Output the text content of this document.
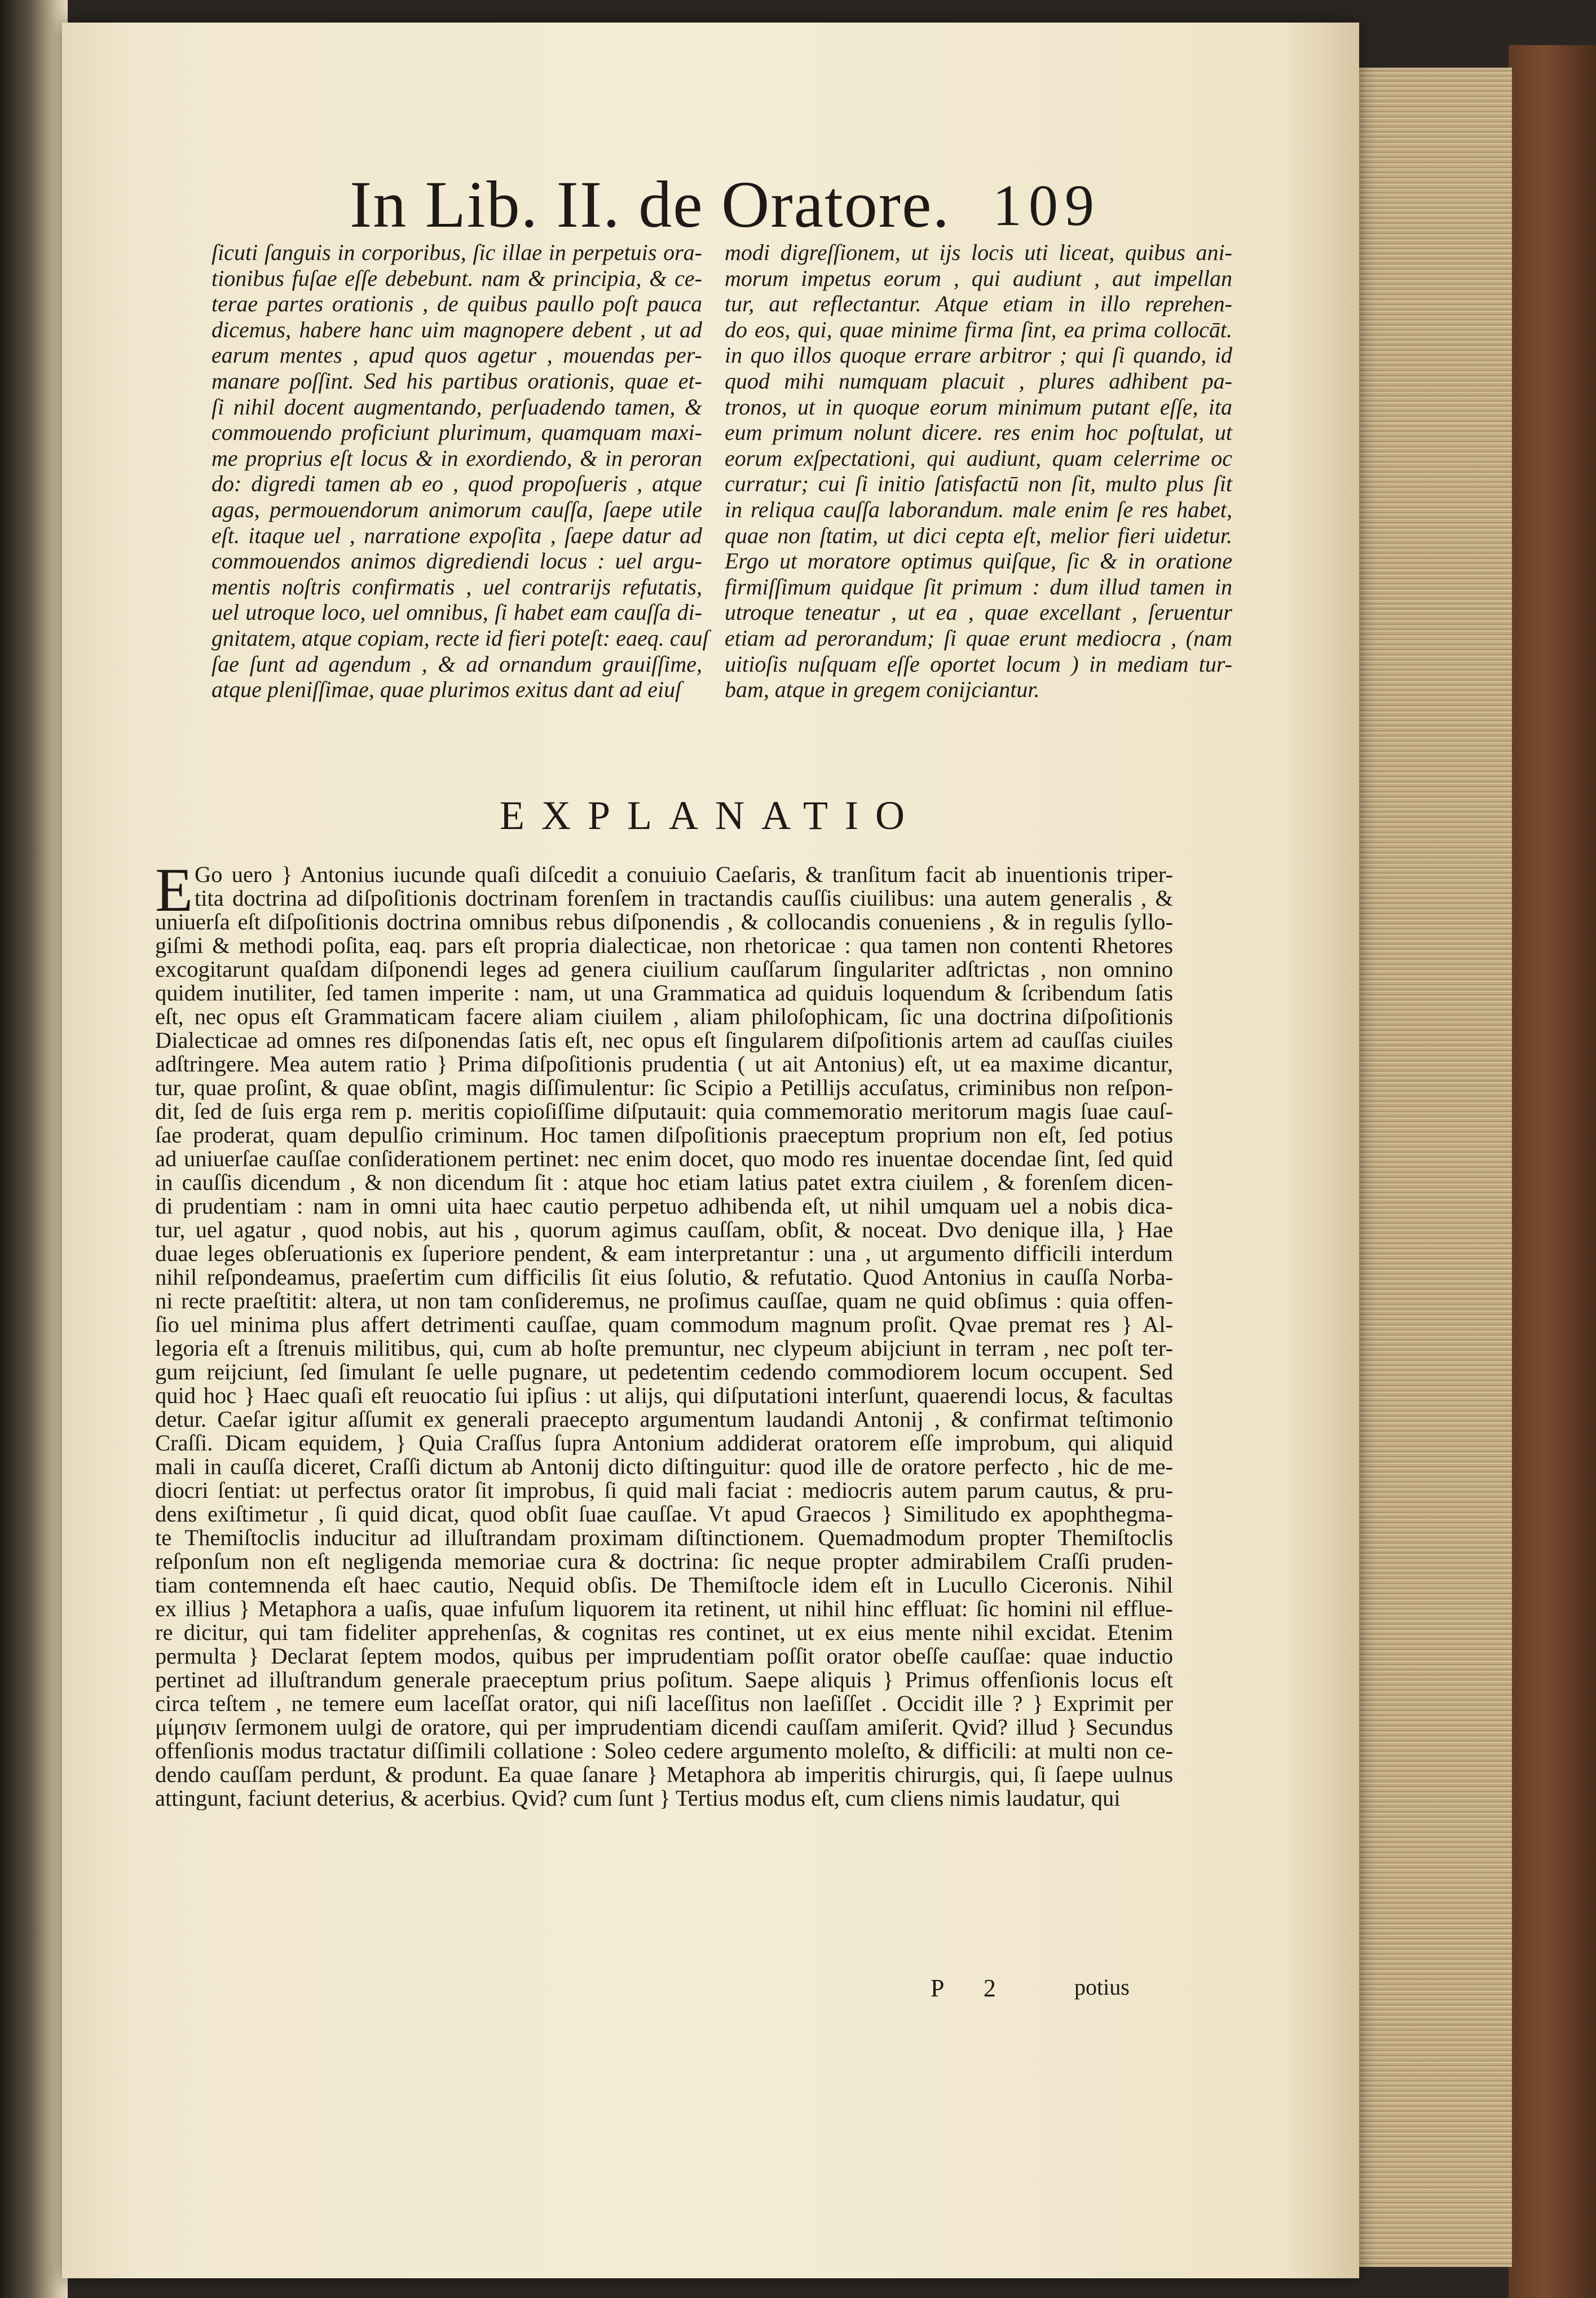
In Lib. II. de Oratore. 109
ſicuti ſanguis in corporibus, ſic illae in perpetuis ora-
tionibus fuſae eſſe debebunt. nam & principia, & ce-
terae partes orationis , de quibus paullo poſt pauca
dicemus, habere hanc uim magnopere debent , ut ad
earum mentes , apud quos agetur , mouendas per-
manare poſſint. Sed his partibus orationis, quae et-
ſi nihil docent augmentando, perſuadendo tamen, &
commouendo proficiunt plurimum, quamquam maxi-
me proprius eſt locus & in exordiendo, & in peroran
do: digredi tamen ab eo , quod propoſueris , atque
agas, permouendorum animorum cauſſa, ſaepe utile
eſt. itaque uel , narratione expoſita , ſaepe datur ad
commouendos animos digrediendi locus : uel argu-
mentis noſtris confirmatis , uel contrarijs refutatis,
uel utroque loco, uel omnibus, ſi habet eam cauſſa di-
gnitatem, atque copiam, recte id fieri poteſt: eaeq. cauſ
ſae ſunt ad agendum , & ad ornandum grauiſſime,
atque pleniſſimae, quae plurimos exitus dant ad eiuſ
modi digreſſionem, ut ijs locis uti liceat, quibus ani-
morum impetus eorum , qui audiunt , aut impellan
tur, aut reflectantur. Atque etiam in illo reprehen-
do eos, qui, quae minime firma ſint, ea prima collocāt.
in quo illos quoque errare arbitror ; qui ſi quando, id
quod mihi numquam placuit , plures adhibent pa-
tronos, ut in quoque eorum minimum putant eſſe, ita
eum primum nolunt dicere. res enim hoc poſtulat, ut
eorum exſpectationi, qui audiunt, quam celerrime oc
curratur; cui ſi initio ſatisfactū non ſit, multo plus ſit
in reliqua cauſſa laborandum. male enim ſe res habet,
quae non ſtatim, ut dici cepta eſt, melior fieri uidetur.
Ergo ut moratore optimus quiſque, ſic & in oratione
firmiſſimum quidque ſit primum : dum illud tamen in
utroque teneatur , ut ea , quae excellant , ſeruentur
etiam ad perorandum; ſi quae erunt mediocra , (nam
uitioſis nuſquam eſſe oportet locum ) in mediam tur-
bam, atque in gregem conijciantur.
EXPLANATIO
E Go uero } Antonius iucunde quaſi diſcedit a conuiuio Caeſaris, & tranſitum facit ab inuentionis triper-
tita doctrina ad diſpoſitionis doctrinam forenſem in tractandis cauſſis ciuilibus: una autem generalis , &
uniuerſa eſt diſpoſitionis doctrina omnibus rebus diſponendis , & collocandis conueniens , & in regulis ſyllo-
giſmi & methodi poſita, eaq. pars eſt propria dialecticae, non rhetoricae : qua tamen non contenti Rhetores
excogitarunt quaſdam diſponendi leges ad genera ciuilium cauſſarum ſingulariter adſtrictas , non omnino
quidem inutiliter, ſed tamen imperite : nam, ut una Grammatica ad quiduis loquendum & ſcribendum ſatis
eſt, nec opus eſt Grammaticam facere aliam ciuilem , aliam philoſophicam, ſic una doctrina diſpoſitionis
Dialecticae ad omnes res diſponendas ſatis eſt, nec opus eſt ſingularem diſpoſitionis artem ad cauſſas ciuiles
adſtringere. Mea autem ratio } Prima diſpoſitionis prudentia ( ut ait Antonius) eſt, ut ea maxime dicantur,
tur, quae proſint, & quae obſint, magis diſſimulentur: ſic Scipio a Petillijs accuſatus, criminibus non reſpon-
dit, ſed de ſuis erga rem p. meritis copioſiſſime diſputauit: quia commemoratio meritorum magis ſuae cauſ-
ſae proderat, quam depulſio criminum. Hoc tamen diſpoſitionis praeceptum proprium non eſt, ſed potius
ad uniuerſae cauſſae conſiderationem pertinet: nec enim docet, quo modo res inuentae docendae ſint, ſed quid
in cauſſis dicendum , & non dicendum ſit : atque hoc etiam latius patet extra ciuilem , & forenſem dicen-
di prudentiam : nam in omni uita haec cautio perpetuo adhibenda eſt, ut nihil umquam uel a nobis dica-
tur, uel agatur , quod nobis, aut his , quorum agimus cauſſam, obſit, & noceat. Dvo denique illa, } Hae
duae leges obſeruationis ex ſuperiore pendent, & eam interpretantur : una , ut argumento difficili interdum
nihil reſpondeamus, praeſertim cum difficilis ſit eius ſolutio, & refutatio. Quod Antonius in cauſſa Norba-
ni recte praeſtitit: altera, ut non tam conſideremus, ne proſimus cauſſae, quam ne quid obſimus : quia offen-
ſio uel minima plus affert detrimenti cauſſae, quam commodum magnum proſit. Qvae premat res } Al-
legoria eſt a ſtrenuis militibus, qui, cum ab hoſte premuntur, nec clypeum abijciunt in terram , nec poſt ter-
gum reijciunt, ſed ſimulant ſe uelle pugnare, ut pedetentim cedendo commodiorem locum occupent. Sed
quid hoc } Haec quaſi eſt reuocatio ſui ipſius : ut alijs, qui diſputationi interſunt, quaerendi locus, & facultas
detur. Caeſar igitur aſſumit ex generali praecepto argumentum laudandi Antonij , & confirmat teſtimonio
Craſſi. Dicam equidem, } Quia Craſſus ſupra Antonium addiderat oratorem eſſe improbum, qui aliquid
mali in cauſſa diceret, Craſſi dictum ab Antonij dicto diſtinguitur: quod ille de oratore perfecto , hic de me-
diocri ſentiat: ut perfectus orator ſit improbus, ſi quid mali faciat : mediocris autem parum cautus, & pru-
dens exiſtimetur , ſi quid dicat, quod obſit ſuae cauſſae. Vt apud Graecos } Similitudo ex apophthegma-
te Themiſtoclis inducitur ad illuſtrandam proximam diſtinctionem. Quemadmodum propter Themiſtoclis
reſponſum non eſt negligenda memoriae cura & doctrina: ſic neque propter admirabilem Craſſi pruden-
tiam contemnenda eſt haec cautio, Nequid obſis. De Themiſtocle idem eſt in Lucullo Ciceronis. Nihil
ex illius } Metaphora a uaſis, quae infuſum liquorem ita retinent, ut nihil hinc effluat: ſic homini nil efflue-
re dicitur, qui tam fideliter apprehenſas, & cognitas res continet, ut ex eius mente nihil excidat. Etenim
permulta } Declarat ſeptem modos, quibus per imprudentiam poſſit orator obeſſe cauſſae: quae inductio
pertinet ad illuſtrandum generale praeceptum prius poſitum. Saepe aliquis } Primus offenſionis locus eſt
circa teſtem , ne temere eum laceſſat orator, qui niſi laceſſitus non laeſiſſet . Occidit ille ? } Exprimit per
μίμησιν ſermonem uulgi de oratore, qui per imprudentiam dicendi cauſſam amiſerit. Qvid? illud } Secundus
offenſionis modus tractatur diſſimili collatione : Soleo cedere argumento moleſto, & difficili: at multi non ce-
dendo cauſſam perdunt, & produnt. Ea quae ſanare } Metaphora ab imperitis chirurgis, qui, ſi ſaepe uulnus
attingunt, faciunt deterius, & acerbius. Qvid? cum ſunt } Tertius modus eſt, cum cliens nimis laudatur, qui
P 2	potius
